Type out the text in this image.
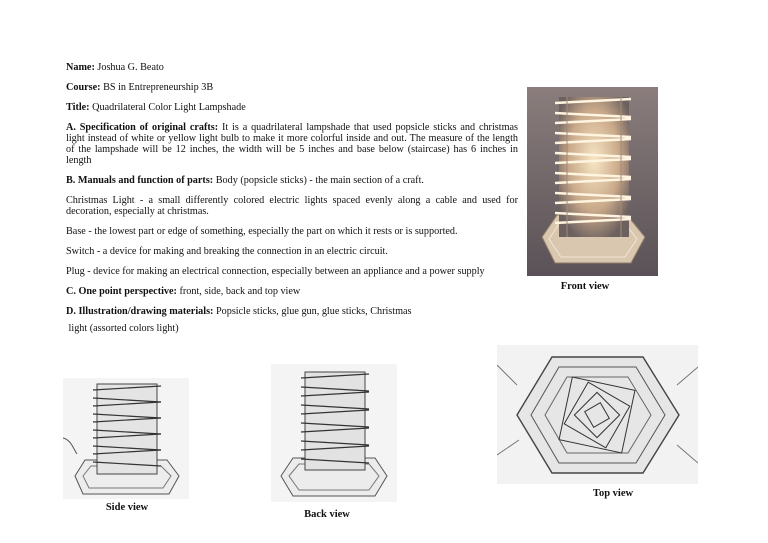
Name: Joshua G. Beato

Course: BS in Entrepreneurship 3B

Title: Quadrilateral Color Light Lampshade

A. Specification of original crafts: It is a quadrilateral lampshade that used popsicle sticks and christmas light instead of white or yellow light bulb to make it more colorful inside and out. The measure of the length of the lampshade will be 12 inches, the width will be 5 inches and base below (staircase) has 6 inches in length

B. Manuals and function of parts: Body (popsicle sticks) - the main section of a craft.

Christmas Light - a small differently colored electric lights spaced evenly along a cable and used for decoration, especially at christmas.

Base - the lowest part or edge of something, especially the part on which it rests or is supported.

Switch - a device for making and breaking the connection in an electric circuit.

Plug - device for making an electrical connection, especially between an appliance and a power supply

C. One point perspective: front, side, back and top view

D. Illustration/drawing materials: Popsicle sticks, glue gun, glue sticks, Christmas

light (assorted colors light)

Front view
Side view
Back view
Top view
